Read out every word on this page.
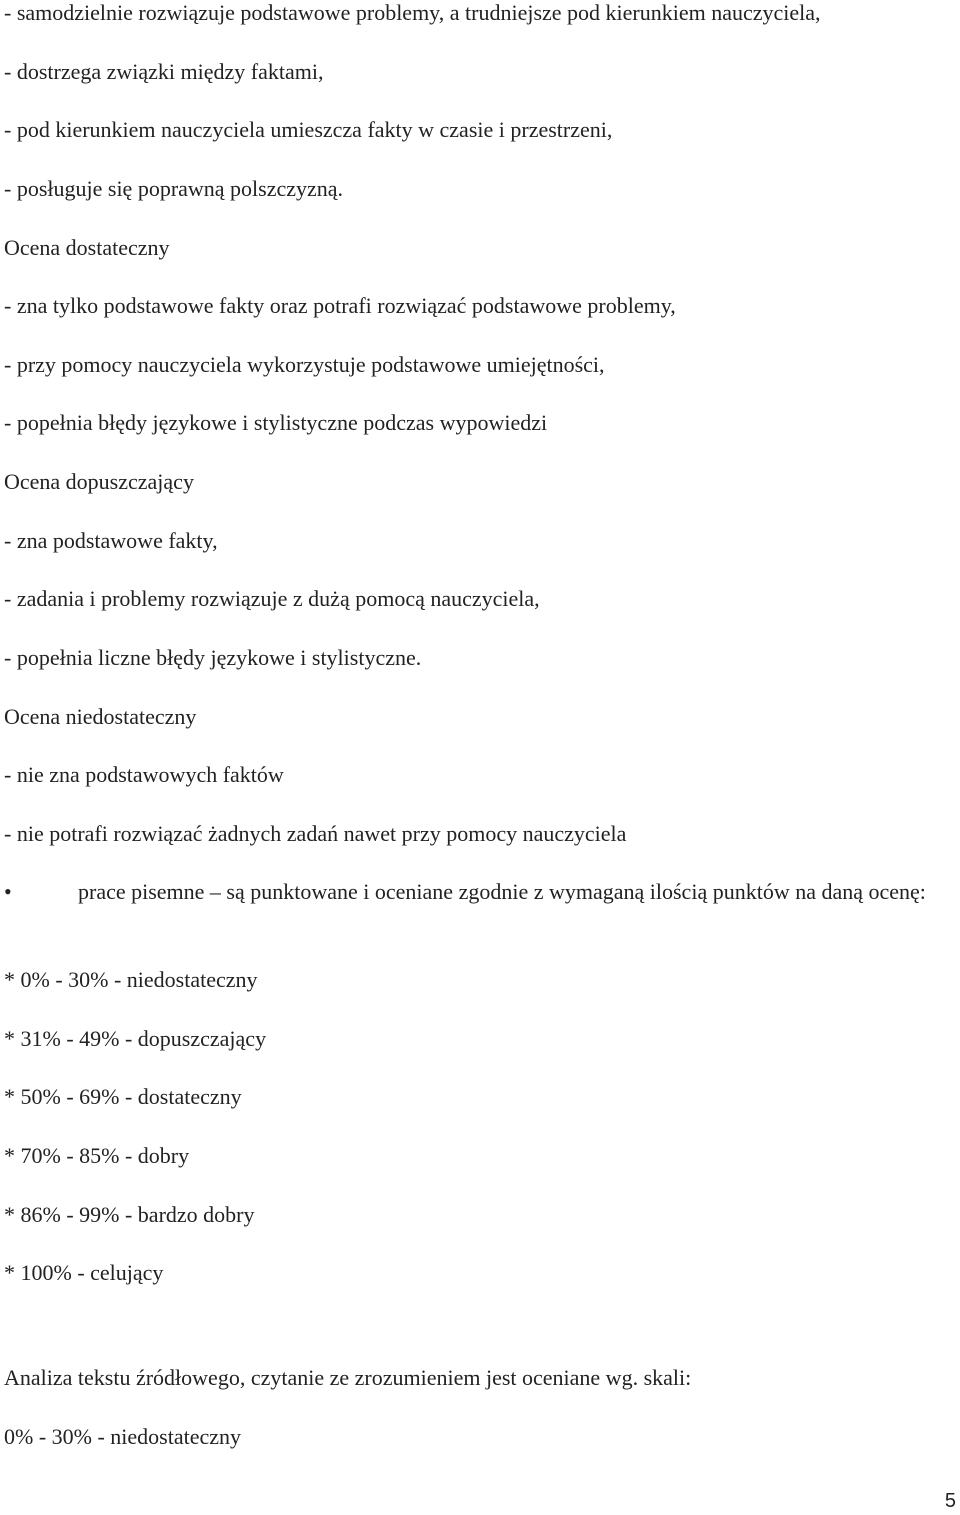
- samodzielnie rozwiązuje podstawowe problemy, a trudniejsze pod kierunkiem nauczyciela,
- dostrzega związki między faktami,
- pod kierunkiem nauczyciela umieszcza fakty w czasie i przestrzeni,
- posługuje się poprawną polszczyzną.
Ocena dostateczny
- zna tylko podstawowe fakty oraz potrafi rozwiązać podstawowe problemy,
- przy pomocy nauczyciela wykorzystuje podstawowe umiejętności,
- popełnia błędy językowe i stylistyczne podczas wypowiedzi
Ocena dopuszczający
- zna podstawowe fakty,
- zadania i problemy rozwiązuje z dużą pomocą nauczyciela,
- popełnia liczne błędy językowe i stylistyczne.
Ocena niedostateczny
- nie zna podstawowych faktów
- nie potrafi rozwiązać żadnych zadań nawet przy pomocy nauczyciela
•	prace pisemne – są punktowane i oceniane zgodnie z wymaganą ilością punktów na daną ocenę:
* 0% - 30% - niedostateczny
* 31% - 49% - dopuszczający
* 50% - 69% - dostateczny
* 70% - 85% - dobry
* 86% - 99% - bardzo dobry
* 100% - celujący
Analiza tekstu źródłowego, czytanie ze zrozumieniem jest oceniane wg. skali:
0% - 30% - niedostateczny
5
